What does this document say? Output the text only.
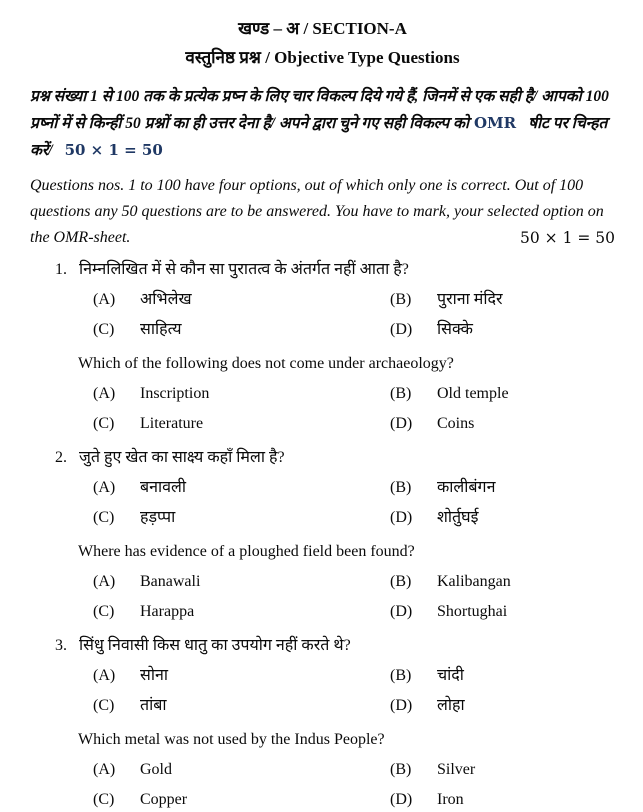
खण्ड – अ / SECTION-A
वस्तुनिष्ठ प्रश्न / Objective Type Questions

प्रश्न संख्या 1 से 100 तक के प्रत्येक प्रष्न के लिए चार विकल्प दिये गये हैं, जिनमें से एक सही है/ आपको 100 प्रष्नों में से किन्हीं 50 प्रश्नों का ही उत्तर देना है/ अपने द्वारा चुने गए सही विकल्प को OMR षीट पर चिन्हत करें/ 50 × 1 = 50

Questions nos. 1 to 100 have four options, out of which only one is correct. Out of 100 questions any 50 questions are to be answered. You have to mark, your selected option on the OMR-sheet.	50 × 1 = 50

1. निम्नलिखित में से कौन सा पुरातत्व के अंतर्गत नहीं आता है?
(A)	अभिलेख	(B)	पुराना मंदिर
(C)	साहित्य	(D)	सिक्के
Which of the following does not come under archaeology?
(A)	Inscription	(B)	Old temple
(C)	Literature	(D)	Coins
2. जुते हुए खेत का साक्ष्य कहाँ मिला है?
(A)	बनावली	(B)	कालीबंगन
(C)	हड़प्पा	(D)	शोर्तुघई
Where has evidence of a ploughed field been found?
(A)	Banawali	(B)	Kalibangan
(C)	Harappa	(D)	Shortughai
3. सिंधु निवासी किस धातु का उपयोग नहीं करते थे?
(A)	सोना	(B)	चांदी
(C)	तांबा	(D)	लोहा
Which metal was not used by the Indus People?
(A)	Gold	(B)	Silver
(C)	Copper	(D)	Iron
